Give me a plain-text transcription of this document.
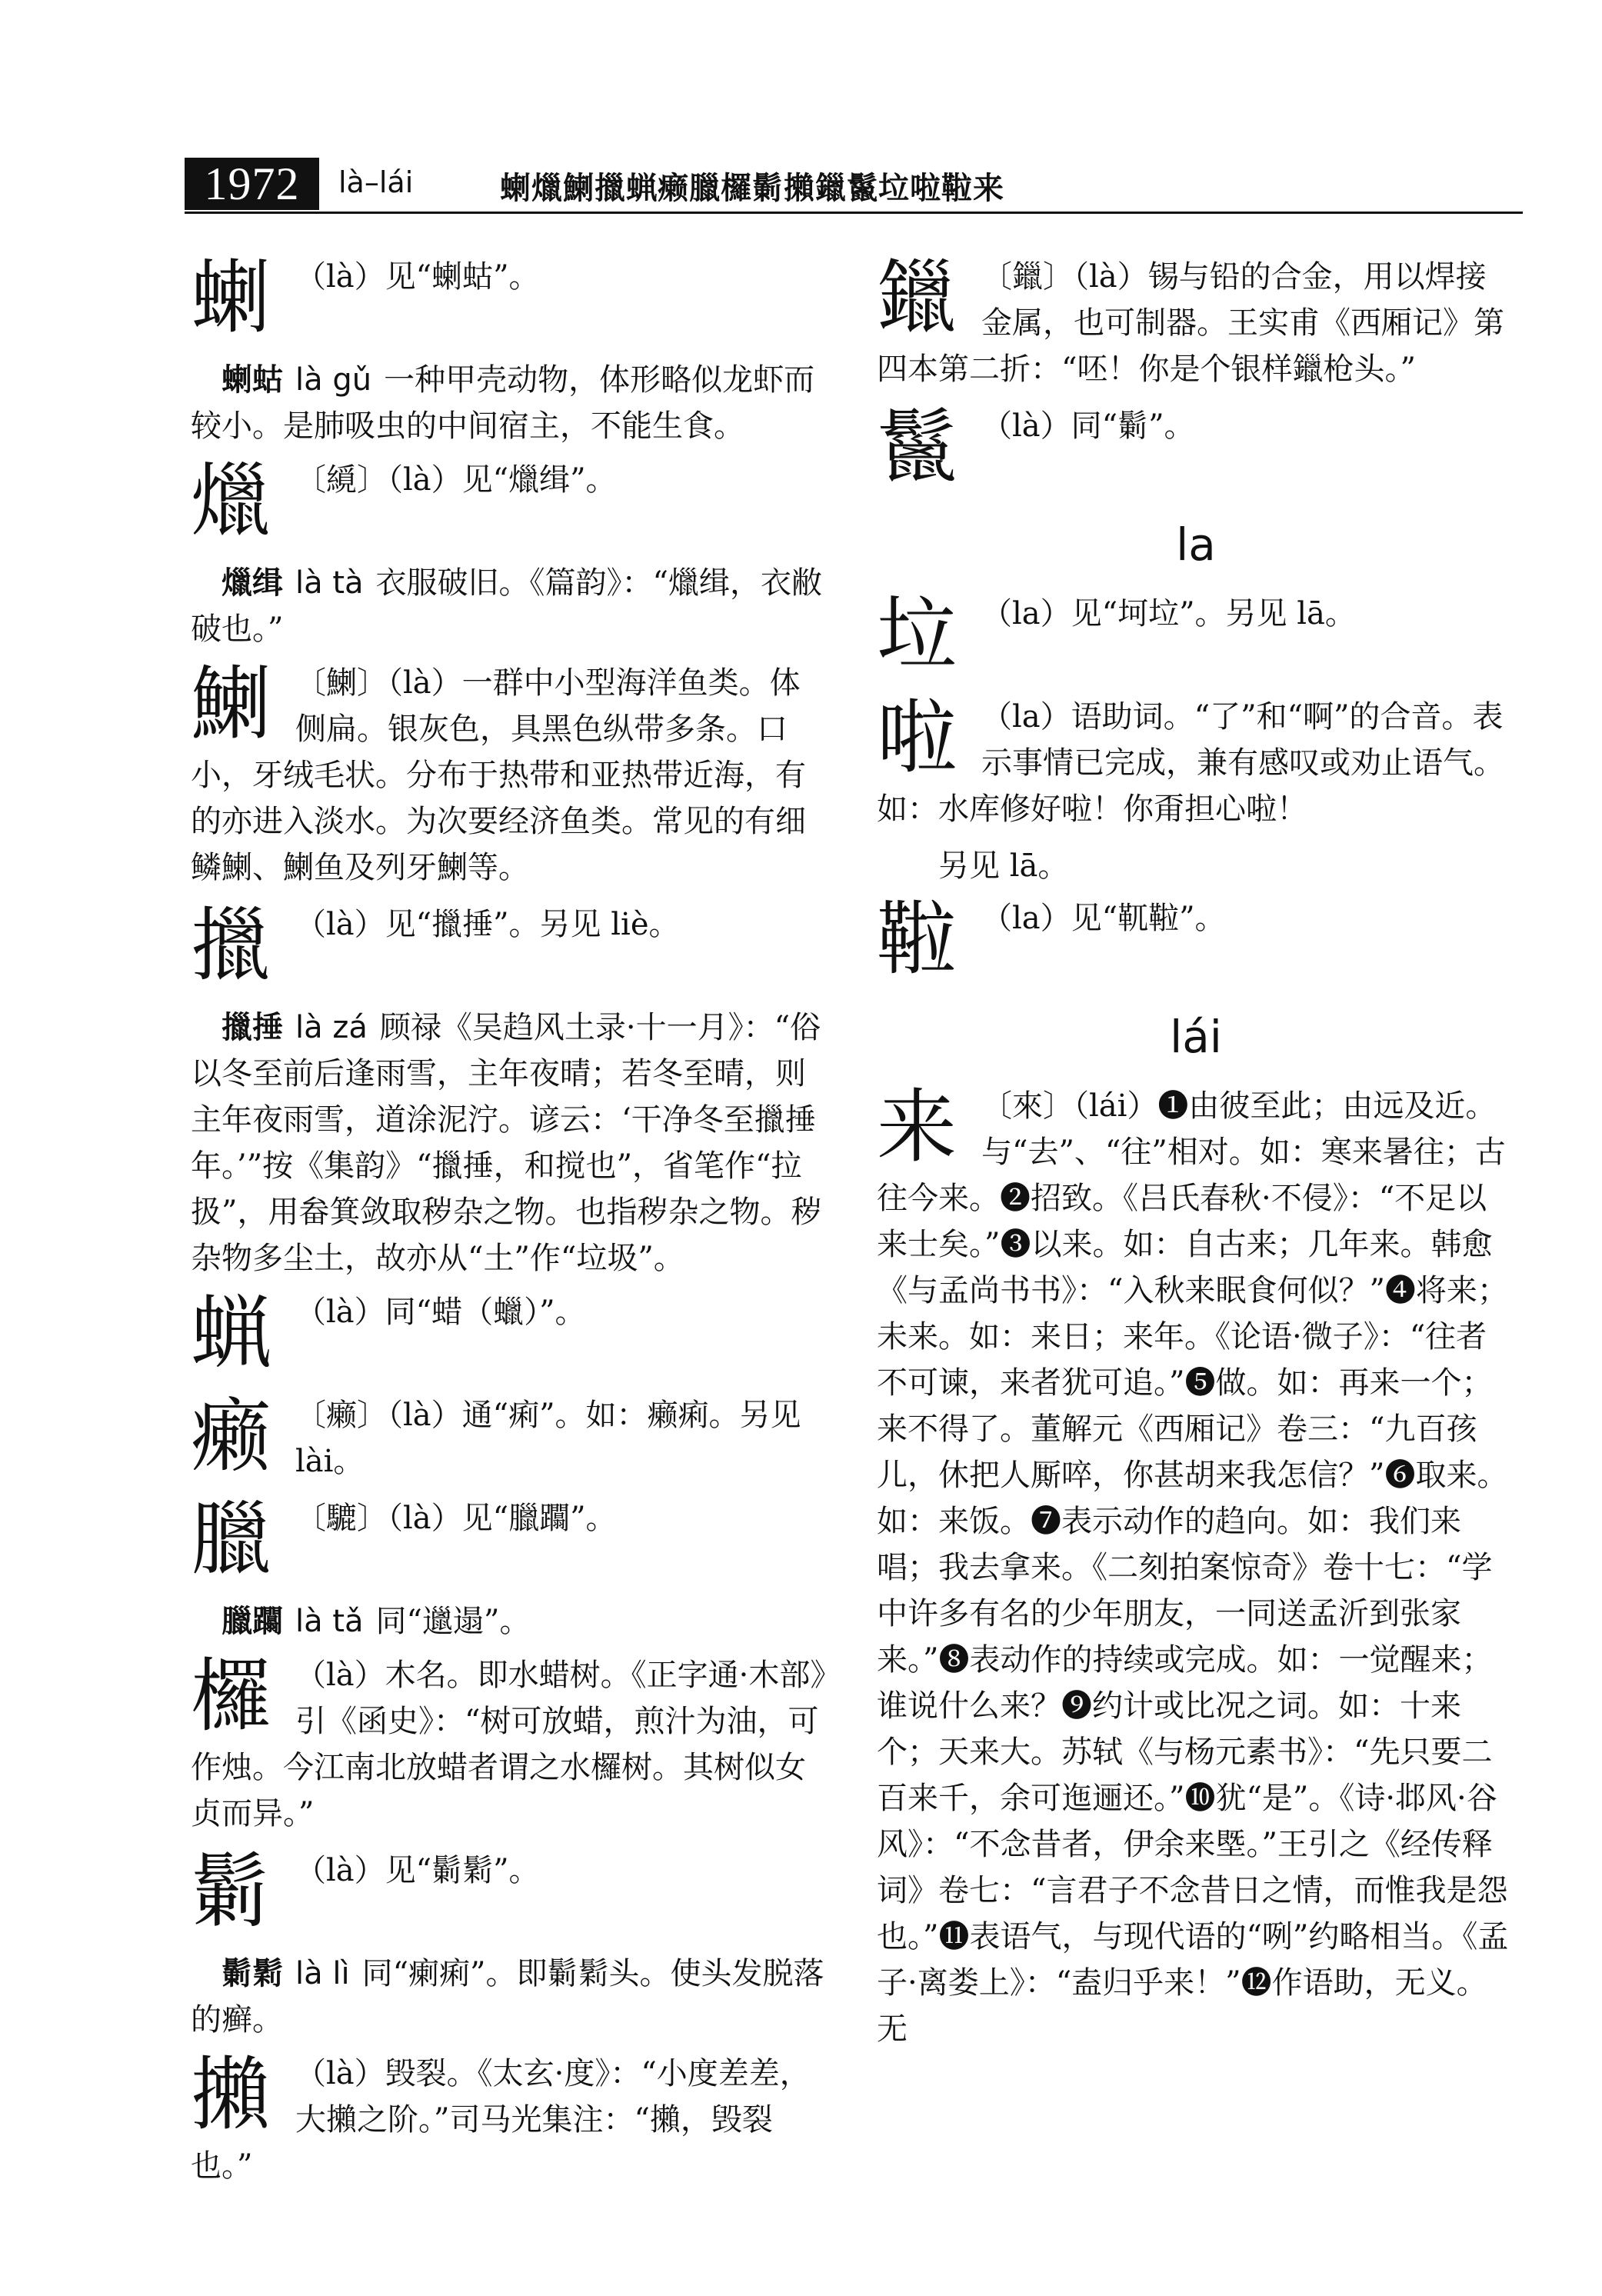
1972	là–lái	蝲爉鯻擸蝋癞臘欏鬎攋鑞鬣垃啦鞡来
蝲 （là）见“蝲蛄”。
蝲蛄 là gǔ 一种甲壳动物，体形略似龙虾而较小。是肺吸虫的中间宿主，不能生食。
爉 〔䌐〕（là）见“爉缉”。
爉缉 là tà 衣服破旧。《篇韵》：“爉缉，衣敝破也。”
鯻 〔鯻〕（là）一群中小型海洋鱼类。体侧扁。银灰色，具黑色纵带多条。口小，牙绒毛状。分布于热带和亚热带近海，有的亦进入淡水。为次要经济鱼类。常见的有细鳞鯻、鯻鱼及列牙鯻等。
擸 （là）见“擸捶”。另见 liè。
擸捶 là zá 顾禄《吴趋风土录·十一月》：“俗以冬至前后逢雨雪，主年夜晴；若冬至晴，则主年夜雨雪，道涂泥泞。谚云：‘干净冬至擸捶年。’”按《集韵》“擸捶，和搅也”，省笔作“拉扱”，用畚箕敛取秽杂之物。也指秽杂之物。秽杂物多尘土，故亦从“土”作“垃圾”。
蝋 （là）同“蜡（蠟）”。
癞 〔癞〕（là）通“痢”。如：癞痢。另见 lài。
臘 〔騼〕（là）见“臘躢”。
臘躢 là tǎ 同“邋遢”。
欏 （là）木名。即水蜡树。《正字通·木部》引《函史》：“树可放蜡，煎汁为油，可作烛。今江南北放蜡者谓之水欏树。其树似女贞而异。”
鬎 （là）见“鬎鬁”。
鬎鬁 là lì 同“瘌痢”。即鬎鬁头。使头发脱落的癣。
攋 （là）毁裂。《太玄·度》：“小度差差，大攋之阶。”司马光集注：“攋，毁裂也。”
鑞 〔鑞〕（là）锡与铅的合金，用以焊接金属，也可制器。王实甫《西厢记》第四本第二折：“呸！你是个银样鑞枪头。”
鬣 （là）同“鬎”。
la
垃 （la）见“坷垃”。另见 lā。
啦 （la）语助词。“了”和“啊”的合音。表示事情已完成，兼有感叹或劝止语气。如：水库修好啦！你甭担心啦！
另见 lā。
鞡 （la）见“靰鞡”。
lái
来 〔來〕（lái）❶由彼至此；由远及近。与“去”、“往”相对。如：寒来暑往；古往今来。❷招致。《吕氏春秋·不侵》：“不足以来士矣。”❸以来。如：自古来；几年来。韩愈《与孟尚书书》：“入秋来眠食何似？”❹将来；未来。如：来日；来年。《论语·微子》：“往者不可谏，来者犹可追。”❺做。如：再来一个；来不得了。董解元《西厢记》卷三：“九百孩儿，休把人厮啐，你甚胡来我怎信？”❻取来。如：来饭。❼表示动作的趋向。如：我们来唱；我去拿来。《二刻拍案惊奇》卷十七：“学中许多有名的少年朋友，一同送孟沂到张家来。”❽表动作的持续或完成。如：一觉醒来；谁说什么来？❾约计或比况之词。如：十来个；天来大。苏轼《与杨元素书》：“先只要二百来千，余可迤逦还。”❿犹“是”。《诗·邶风·谷风》：“不念昔者，伊余来塈。”王引之《经传释词》卷七：“言君子不念昔日之情，而惟我是怨也。”⓫表语气，与现代语的“咧”约略相当。《孟子·离娄上》：“盍归乎来！”⓬作语助，无义。无
